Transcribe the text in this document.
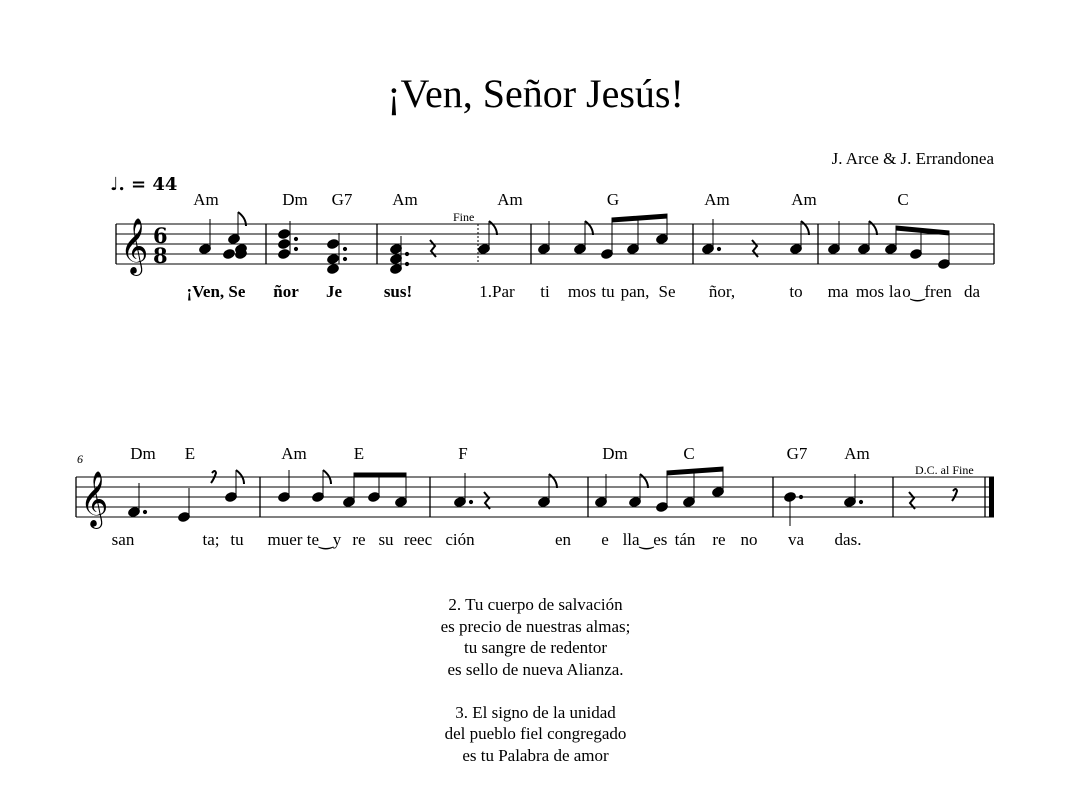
¡Ven, Señor Jesús!
J. Arce & J. Errandonea
♩. = 44
Am	Dm G7 Am	Am	G	Am	Am	C
Fine
¡Ven, Se ñor Je sus!	1.Par ti mos tu pan, Se ñor,	to ma mos la o‿fren da
6	Dm E	Am	E	F	Dm	C	G7 Am
D.C. al Fine
san	ta; tu muer te‿y re su reec ción	en e lla‿es tán re no va das.
𝄞 6
8
𝄞

2. Tu cuerpo de salvación
es precio de nuestras almas;
tu sangre de redentor
es sello de nueva Alianza.

3. El signo de la unidad
del pueblo fiel congregado
es tu Palabra de amor
